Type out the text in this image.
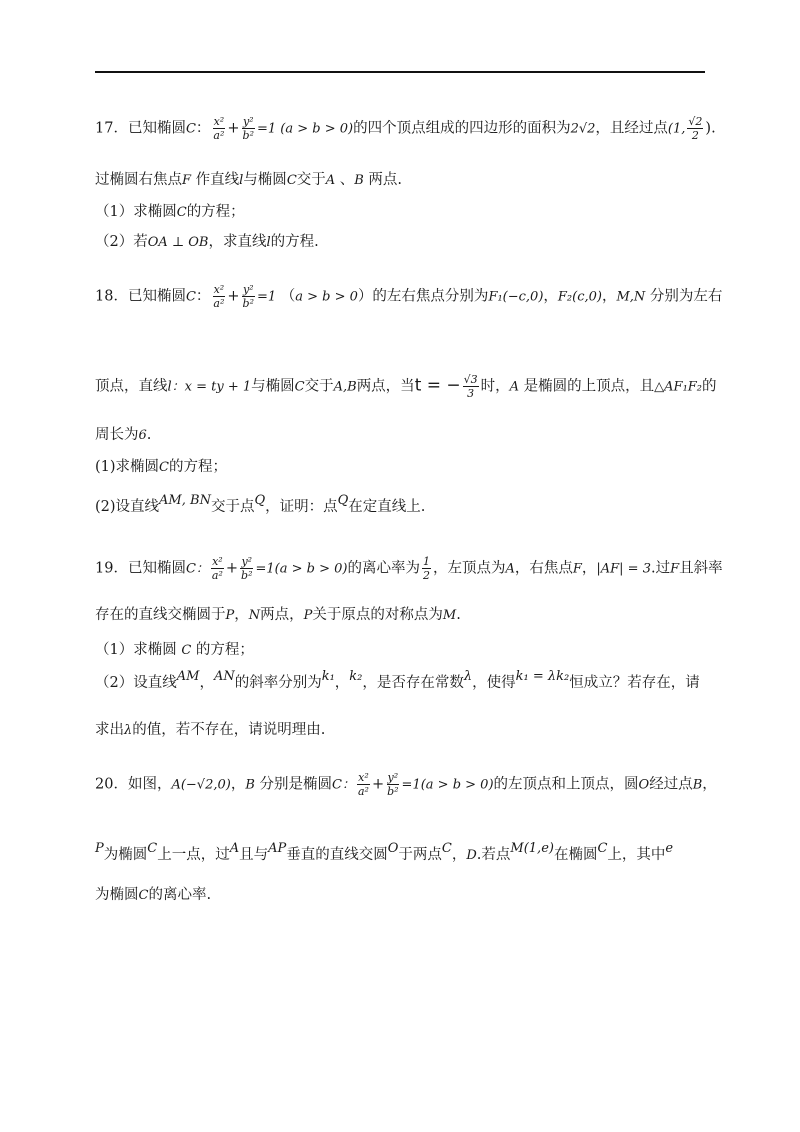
17．已知椭圆C： $\frac{\text{x²}}{\text{a²}} + \frac{\text{y²}}{\text{b²}} =1$ (a > b > 0)的四个顶点组成的四边形的面积为2√2，且经过点(1, $\frac{√2}{2}$ ).
过椭圆右焦点F 作直线l与椭圆C交于A 、B 两点.
（1）求椭圆C的方程；
（2）若OA ⊥ OB，求直线l的方程.
18．已知椭圆C： $\frac{\text{x²}}{\text{a²}} + \frac{\text{y²}}{\text{b²}} =1$ （a > b > 0）的左右焦点分别为F₁(−c,0)，F₂(c,0)，M,N 分别为左右
顶点，直线l：x = ty + 1与椭圆C交于A,B两点，当t = − $\frac{√3}{3}$ 时，A 是椭圆的上顶点，且△AF₁F₂的
周长为6.
(1)求椭圆C的方程；
(2)设直线AM, BN交于点Q，证明：点Q在定直线上.
19．已知椭圆C： $\frac{\text{x²}}{\text{a²}} + \frac{\text{y²}}{\text{b²}} =1(a > b > 0)$的离心率为 $\frac{1}{2}$ ，左顶点为A，右焦点F，|AF| = 3.过F且斜率
存在的直线交椭圆于P，N两点，P关于原点的对称点为M.
（1）求椭圆 C 的方程；
（2）设直线AM，AN的斜率分别为k₁，k₂，是否存在常数λ，使得k₁ = λk₂恒成立？若存在，请
求出λ的值，若不存在，请说明理由.
20．如图，A(−√2,0)，B 分别是椭圆C： $\frac{\text{x²}}{\text{a²}} + \frac{\text{y²}}{\text{b²}} =1(a > b > 0)$的左顶点和上顶点，圆O经过点B，
P为椭圆C上一点，过A且与AP垂直的直线交圆O于两点C，D.若点M(1,e)在椭圆C上，其中e
为椭圆C的离心率.
